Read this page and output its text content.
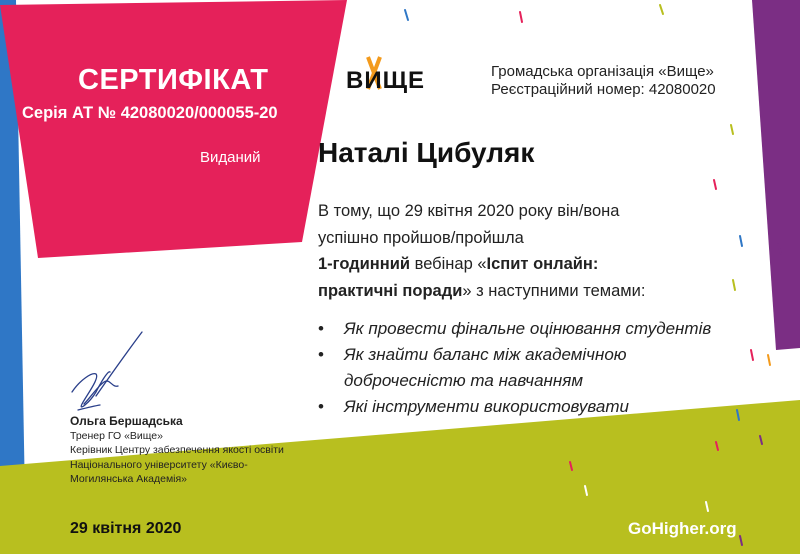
СЕРТИФІКАТ
Серія АТ № 42080020/000055-20
Виданий
ВИЩЕ	Громадська організація «Вище»
Реєстраційний номер: 42080020
Наталі Цибуляк
В тому, що 29 квітня 2020 року він/вона
успішно пройшов/пройшла
1-годинний вебінар «Іспит онлайн:
практичні поради» з наступними темами:
• Як провести фінальне оцінювання студентів
• Як знайти баланс між академічною доброчесністю та навчанням
• Які інструменти використовувати
Ольга Бершадська
Тренер ГО «Вище»
Керівник Центру забезпечення якості освіти
Національного університету «Києво-
Могилянська Академія»
29 квітня 2020	GoHigher.org
